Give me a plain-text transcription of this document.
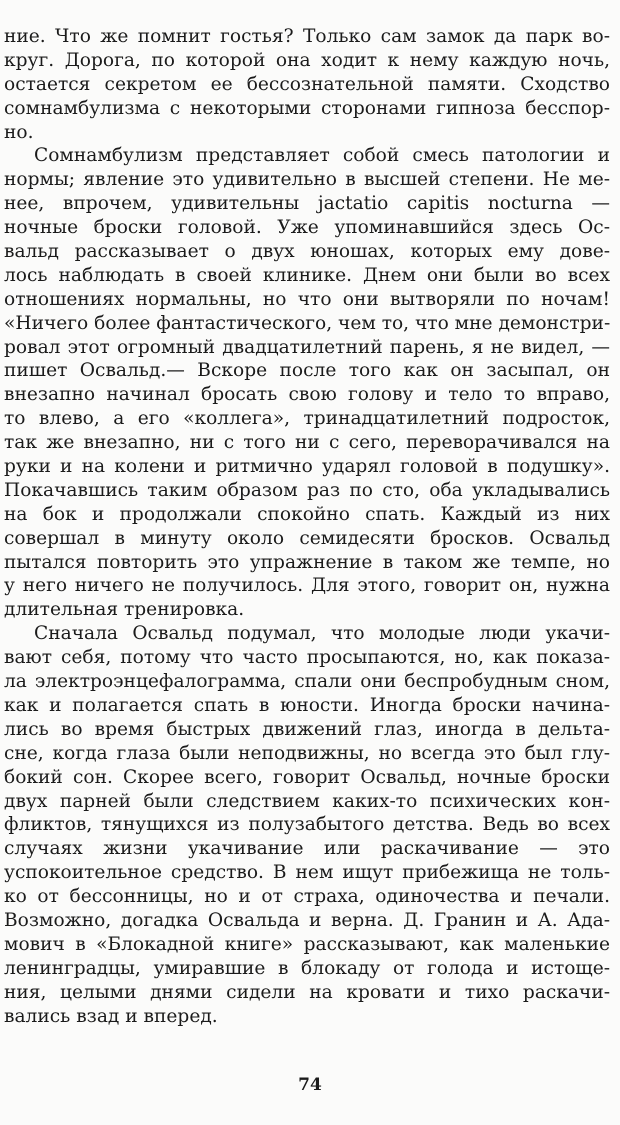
ние. Что же помнит гостья? Только сам замок да парк во-
круг. Дорога, по которой она ходит к нему каждую ночь,
остается секретом ее бессознательной памяти. Сходство
сомнамбулизма с некоторыми сторонами гипноза бесспор-
но.
Сомнамбулизм представляет собой смесь патологии и
нормы; явление это удивительно в высшей степени. Не ме-
нее, впрочем, удивительны jactatio capitis nocturna —
ночные броски головой. Уже упоминавшийся здесь Ос-
вальд рассказывает о двух юношах, которых ему дове-
лось наблюдать в своей клинике. Днем они были во всех
отношениях нормальны, но что они вытворяли по ночам!
«Ничего более фантастического, чем то, что мне демонстри-
ровал этот огромный двадцатилетний парень, я не видел, —
пишет Освальд.— Вскоре после того как он засыпал, он
внезапно начинал бросать свою голову и тело то вправо,
то влево, а его «коллега», тринадцатилетний подросток,
так же внезапно, ни с того ни с сего, переворачивался на
руки и на колени и ритмично ударял головой в подушку».
Покачавшись таким образом раз по сто, оба укладывались
на бок и продолжали спокойно спать. Каждый из них
совершал в минуту около семидесяти бросков. Освальд
пытался повторить это упражнение в таком же темпе, но
у него ничего не получилось. Для этого, говорит он, нужна
длительная тренировка.
Сначала Освальд подумал, что молодые люди укачи-
вают себя, потому что часто просыпаются, но, как показа-
ла электроэнцефалограмма, спали они беспробудным сном,
как и полагается спать в юности. Иногда броски начина-
лись во время быстрых движений глаз, иногда в дельта-
сне, когда глаза были неподвижны, но всегда это был глу-
бокий сон. Скорее всего, говорит Освальд, ночные броски
двух парней были следствием каких-то психических кон-
фликтов, тянущихся из полузабытого детства. Ведь во всех
случаях жизни укачивание или раскачивание — это
успокоительное средство. В нем ищут прибежища не толь-
ко от бессонницы, но и от страха, одиночества и печали.
Возможно, догадка Освальда и верна. Д. Гранин и А. Ада-
мович в «Блокадной книге» рассказывают, как маленькие
ленинградцы, умиравшие в блокаду от голода и истоще-
ния, целыми днями сидели на кровати и тихо раскачи-
вались взад и вперед.
74
